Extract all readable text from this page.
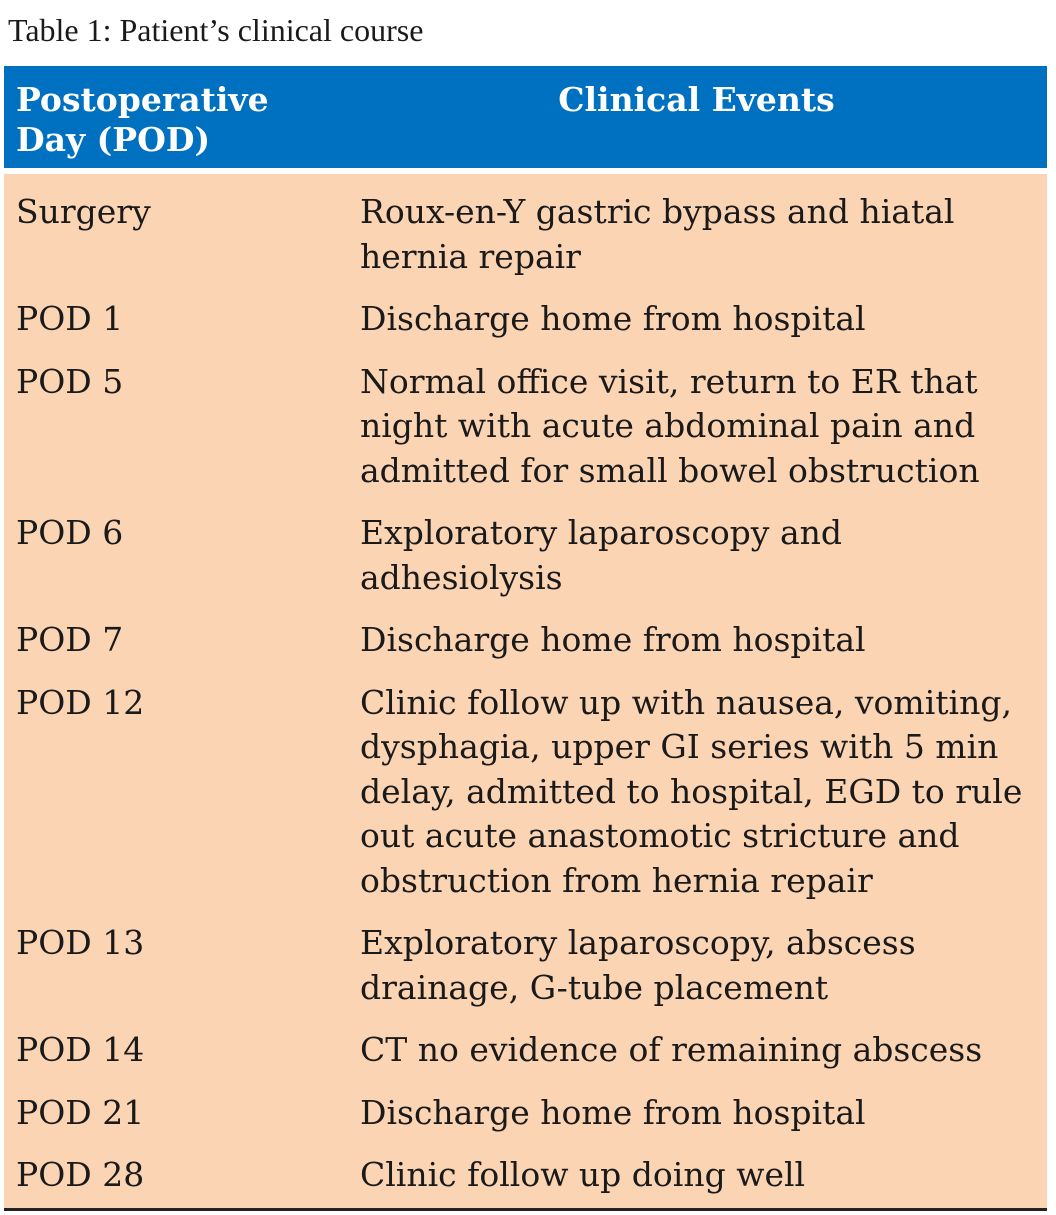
Table 1: Patient’s clinical course
Postoperative
Day (POD)	Clinical Events
Surgery	Roux-en-Y gastric bypass and hiatal hernia repair
POD 1	Discharge home from hospital
POD 5	Normal office visit, return to ER that night with acute abdominal pain and admitted for small bowel obstruction
POD 6	Exploratory laparoscopy and adhesiolysis
POD 7	Discharge home from hospital
POD 12	Clinic follow up with nausea, vomiting, dysphagia, upper GI series with 5 min delay, admitted to hospital, EGD to rule out acute anastomotic stricture and obstruction from hernia repair
POD 13	Exploratory laparoscopy, abscess drainage, G-tube placement
POD 14	CT no evidence of remaining abscess
POD 21	Discharge home from hospital
POD 28	Clinic follow up doing well
